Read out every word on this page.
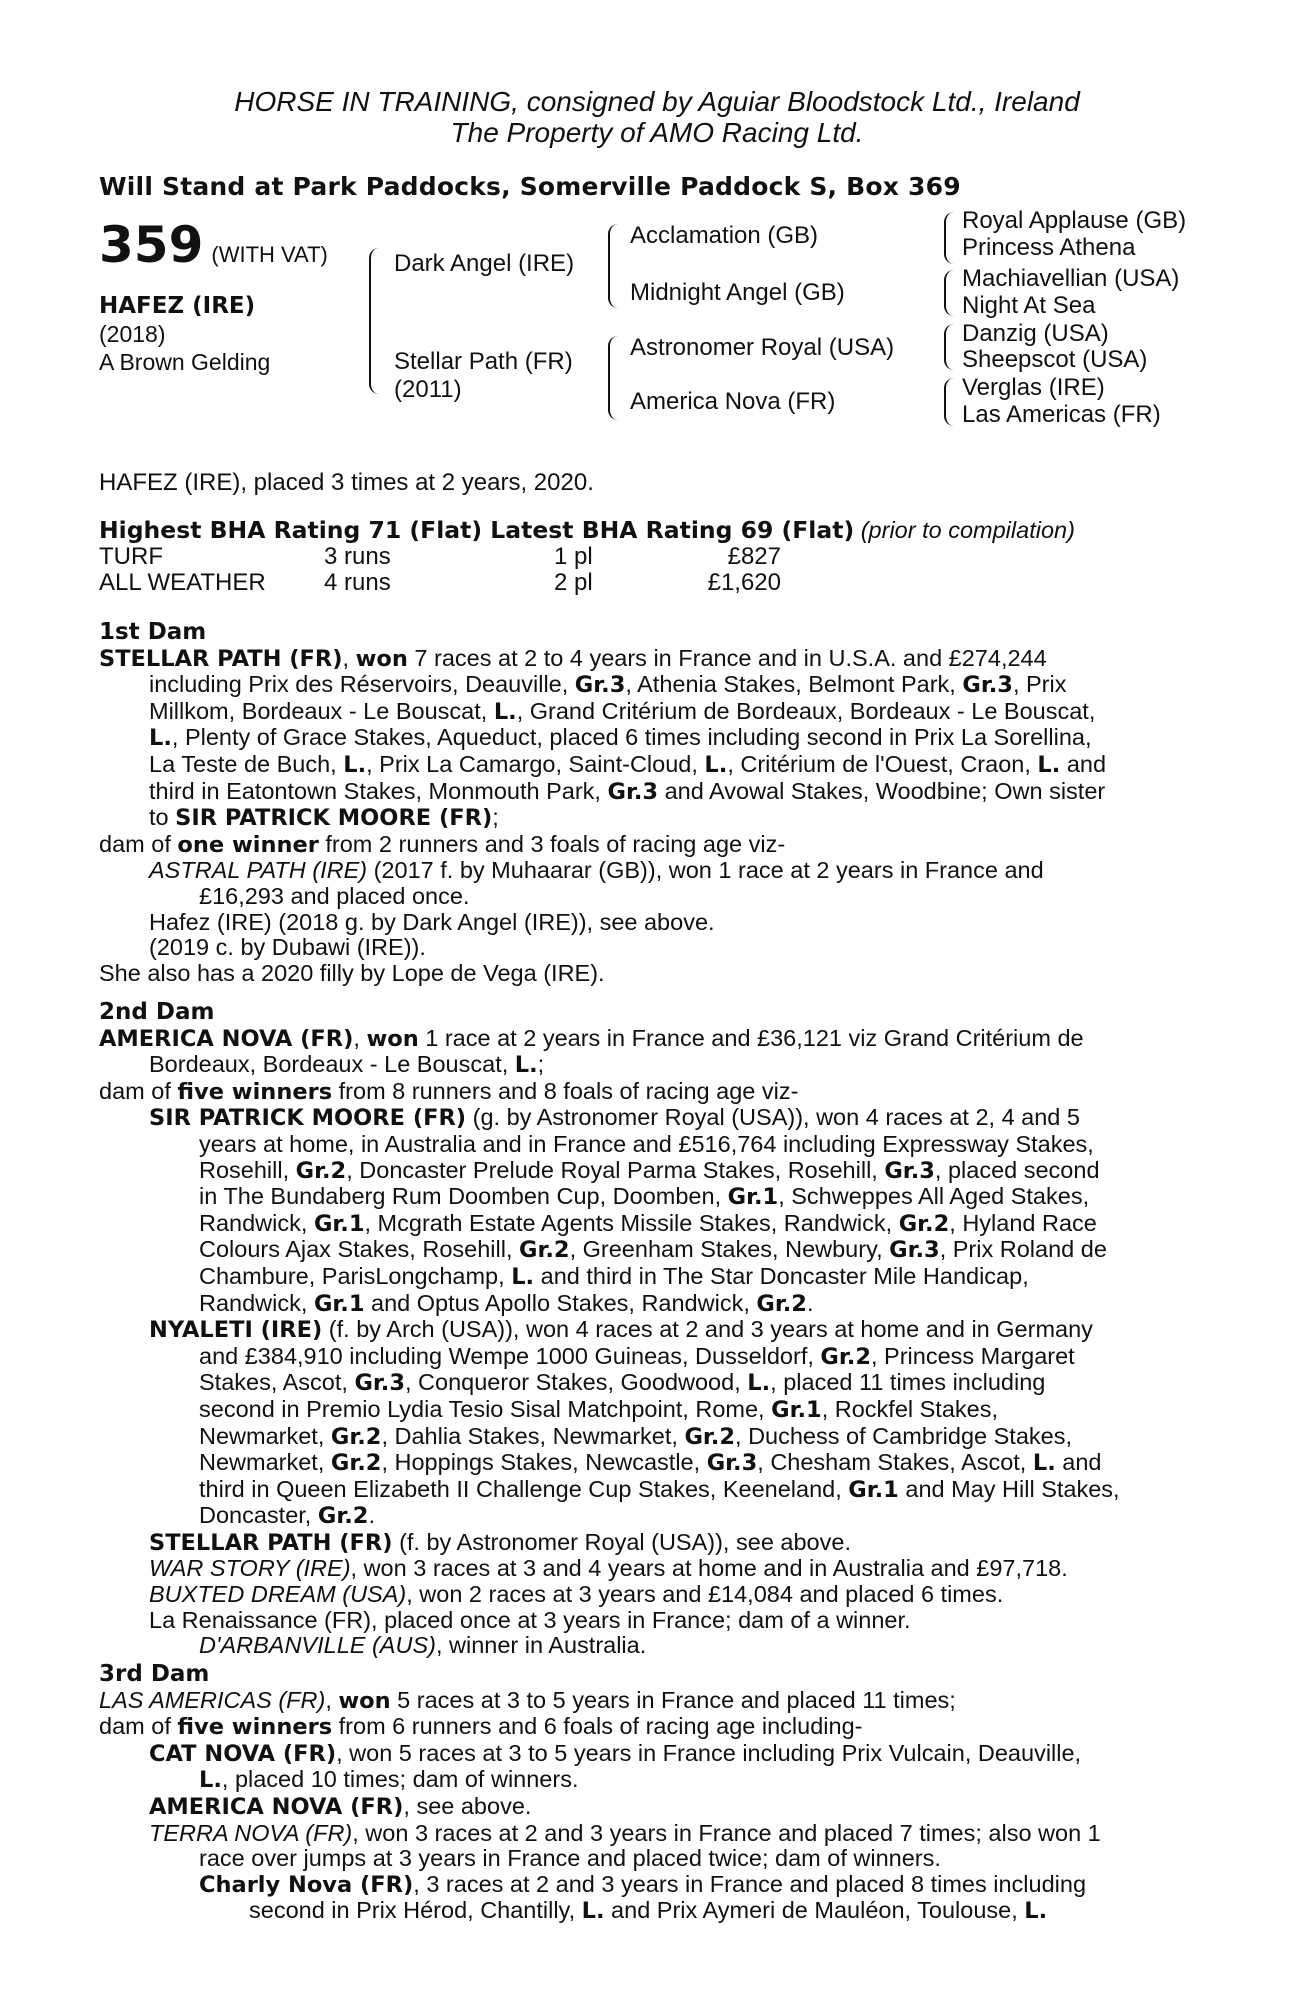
HORSE IN TRAINING, consigned by Aguiar Bloodstock Ltd., Ireland
The Property of AMO Racing Ltd.
Will Stand at Park Paddocks, Somerville Paddock S, Box 369
359 (WITH VAT)
HAFEZ (IRE)
(2018)
A Brown Gelding
Dark Angel (IRE)
Stellar Path (FR)
(2011)
Acclamation (GB)
Midnight Angel (GB)
Astronomer Royal (USA)
America Nova (FR)
Royal Applause (GB)
Princess Athena
Machiavellian (USA)
Night At Sea
Danzig (USA)
Sheepscot (USA)
Verglas (IRE)
Las Americas (FR)
HAFEZ (IRE), placed 3 times at 2 years, 2020.
Highest BHA Rating 71 (Flat) Latest BHA Rating 69 (Flat) (prior to compilation)
TURF	3 runs	1 pl	£827
ALL WEATHER	4 runs	2 pl	£1,620
1st Dam
STELLAR PATH (FR), won 7 races at 2 to 4 years in France and in U.S.A. and £274,244
including Prix des Réservoirs, Deauville, Gr.3, Athenia Stakes, Belmont Park, Gr.3, Prix
Millkom, Bordeaux - Le Bouscat, L., Grand Critérium de Bordeaux, Bordeaux - Le Bouscat,
L., Plenty of Grace Stakes, Aqueduct, placed 6 times including second in Prix La Sorellina,
La Teste de Buch, L., Prix La Camargo, Saint-Cloud, L., Critérium de l'Ouest, Craon, L. and
third in Eatontown Stakes, Monmouth Park, Gr.3 and Avowal Stakes, Woodbine; Own sister
to SIR PATRICK MOORE (FR);
dam of one winner from 2 runners and 3 foals of racing age viz-
ASTRAL PATH (IRE) (2017 f. by Muhaarar (GB)), won 1 race at 2 years in France and
£16,293 and placed once.
Hafez (IRE) (2018 g. by Dark Angel (IRE)), see above.
(2019 c. by Dubawi (IRE)).
She also has a 2020 filly by Lope de Vega (IRE).
2nd Dam
AMERICA NOVA (FR), won 1 race at 2 years in France and £36,121 viz Grand Critérium de
Bordeaux, Bordeaux - Le Bouscat, L.;
dam of five winners from 8 runners and 8 foals of racing age viz-
SIR PATRICK MOORE (FR) (g. by Astronomer Royal (USA)), won 4 races at 2, 4 and 5
years at home, in Australia and in France and £516,764 including Expressway Stakes,
Rosehill, Gr.2, Doncaster Prelude Royal Parma Stakes, Rosehill, Gr.3, placed second
in The Bundaberg Rum Doomben Cup, Doomben, Gr.1, Schweppes All Aged Stakes,
Randwick, Gr.1, Mcgrath Estate Agents Missile Stakes, Randwick, Gr.2, Hyland Race
Colours Ajax Stakes, Rosehill, Gr.2, Greenham Stakes, Newbury, Gr.3, Prix Roland de
Chambure, ParisLongchamp, L. and third in The Star Doncaster Mile Handicap,
Randwick, Gr.1 and Optus Apollo Stakes, Randwick, Gr.2.
NYALETI (IRE) (f. by Arch (USA)), won 4 races at 2 and 3 years at home and in Germany
and £384,910 including Wempe 1000 Guineas, Dusseldorf, Gr.2, Princess Margaret
Stakes, Ascot, Gr.3, Conqueror Stakes, Goodwood, L., placed 11 times including
second in Premio Lydia Tesio Sisal Matchpoint, Rome, Gr.1, Rockfel Stakes,
Newmarket, Gr.2, Dahlia Stakes, Newmarket, Gr.2, Duchess of Cambridge Stakes,
Newmarket, Gr.2, Hoppings Stakes, Newcastle, Gr.3, Chesham Stakes, Ascot, L. and
third in Queen Elizabeth II Challenge Cup Stakes, Keeneland, Gr.1 and May Hill Stakes,
Doncaster, Gr.2.
STELLAR PATH (FR) (f. by Astronomer Royal (USA)), see above.
WAR STORY (IRE), won 3 races at 3 and 4 years at home and in Australia and £97,718.
BUXTED DREAM (USA), won 2 races at 3 years and £14,084 and placed 6 times.
La Renaissance (FR), placed once at 3 years in France; dam of a winner.
D'ARBANVILLE (AUS), winner in Australia.
3rd Dam
LAS AMERICAS (FR), won 5 races at 3 to 5 years in France and placed 11 times;
dam of five winners from 6 runners and 6 foals of racing age including-
CAT NOVA (FR), won 5 races at 3 to 5 years in France including Prix Vulcain, Deauville,
L., placed 10 times; dam of winners.
AMERICA NOVA (FR), see above.
TERRA NOVA (FR), won 3 races at 2 and 3 years in France and placed 7 times; also won 1
race over jumps at 3 years in France and placed twice; dam of winners.
Charly Nova (FR), 3 races at 2 and 3 years in France and placed 8 times including
second in Prix Hérod, Chantilly, L. and Prix Aymeri de Mauléon, Toulouse, L.
